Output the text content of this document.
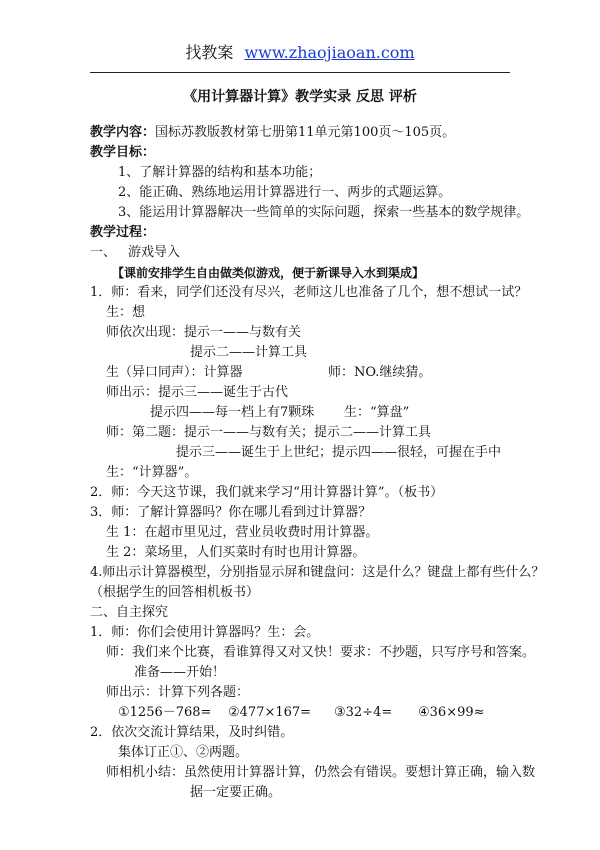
找教案 www.zhaojiaoan.com
《用计算器计算》教学实录 反思 评析
教学内容：国标苏教版教材第七册第11单元第100页～105页。
教学目标：
1、了解计算器的结构和基本功能；
2、能正确、熟练地运用计算器进行一、两步的式题运算。
3、能运用计算器解决一些简单的实际问题，探索一些基本的数学规律。
教学过程：
一、 游戏导入
【课前安排学生自由做类似游戏，便于新课导入水到渠成】
1．师：看来，同学们还没有尽兴，老师这儿也准备了几个，想不想试一试？
生：想
师依次出现：提示一——与数有关
提示二——计算工具
生（异口同声）：计算器	师：NO.继续猜。
师出示：提示三——诞生于古代
提示四——每一档上有7颗珠 生：“算盘”
师：第二题：提示一——与数有关；提示二——计算工具
提示三——诞生于上世纪；提示四——很轻，可握在手中
生：“计算器”。
2．师：今天这节课，我们就来学习“用计算器计算”。（板书）
3．师：了解计算器吗？你在哪儿看到过计算器？
生 1：在超市里见过，营业员收费时用计算器。
生 2：菜场里，人们买菜时有时也用计算器。
4.师出示计算器模型，分别指显示屏和键盘问：这是什么？键盘上都有些什么？
（根据学生的回答相机板书）
二、自主探究
1．师：你们会使用计算器吗？生：会。
师：我们来个比赛，看谁算得又对又快！要求：不抄题，只写序号和答案。
准备——开始！
师出示：计算下列各题：
①1256－768= ②477×167= ③32÷4= ④36×99≈
2．依次交流计算结果，及时纠错。
集体订正①、②两题。
师相机小结：虽然使用计算器计算，仍然会有错误。要想计算正确，输入数
据一定要正确。
